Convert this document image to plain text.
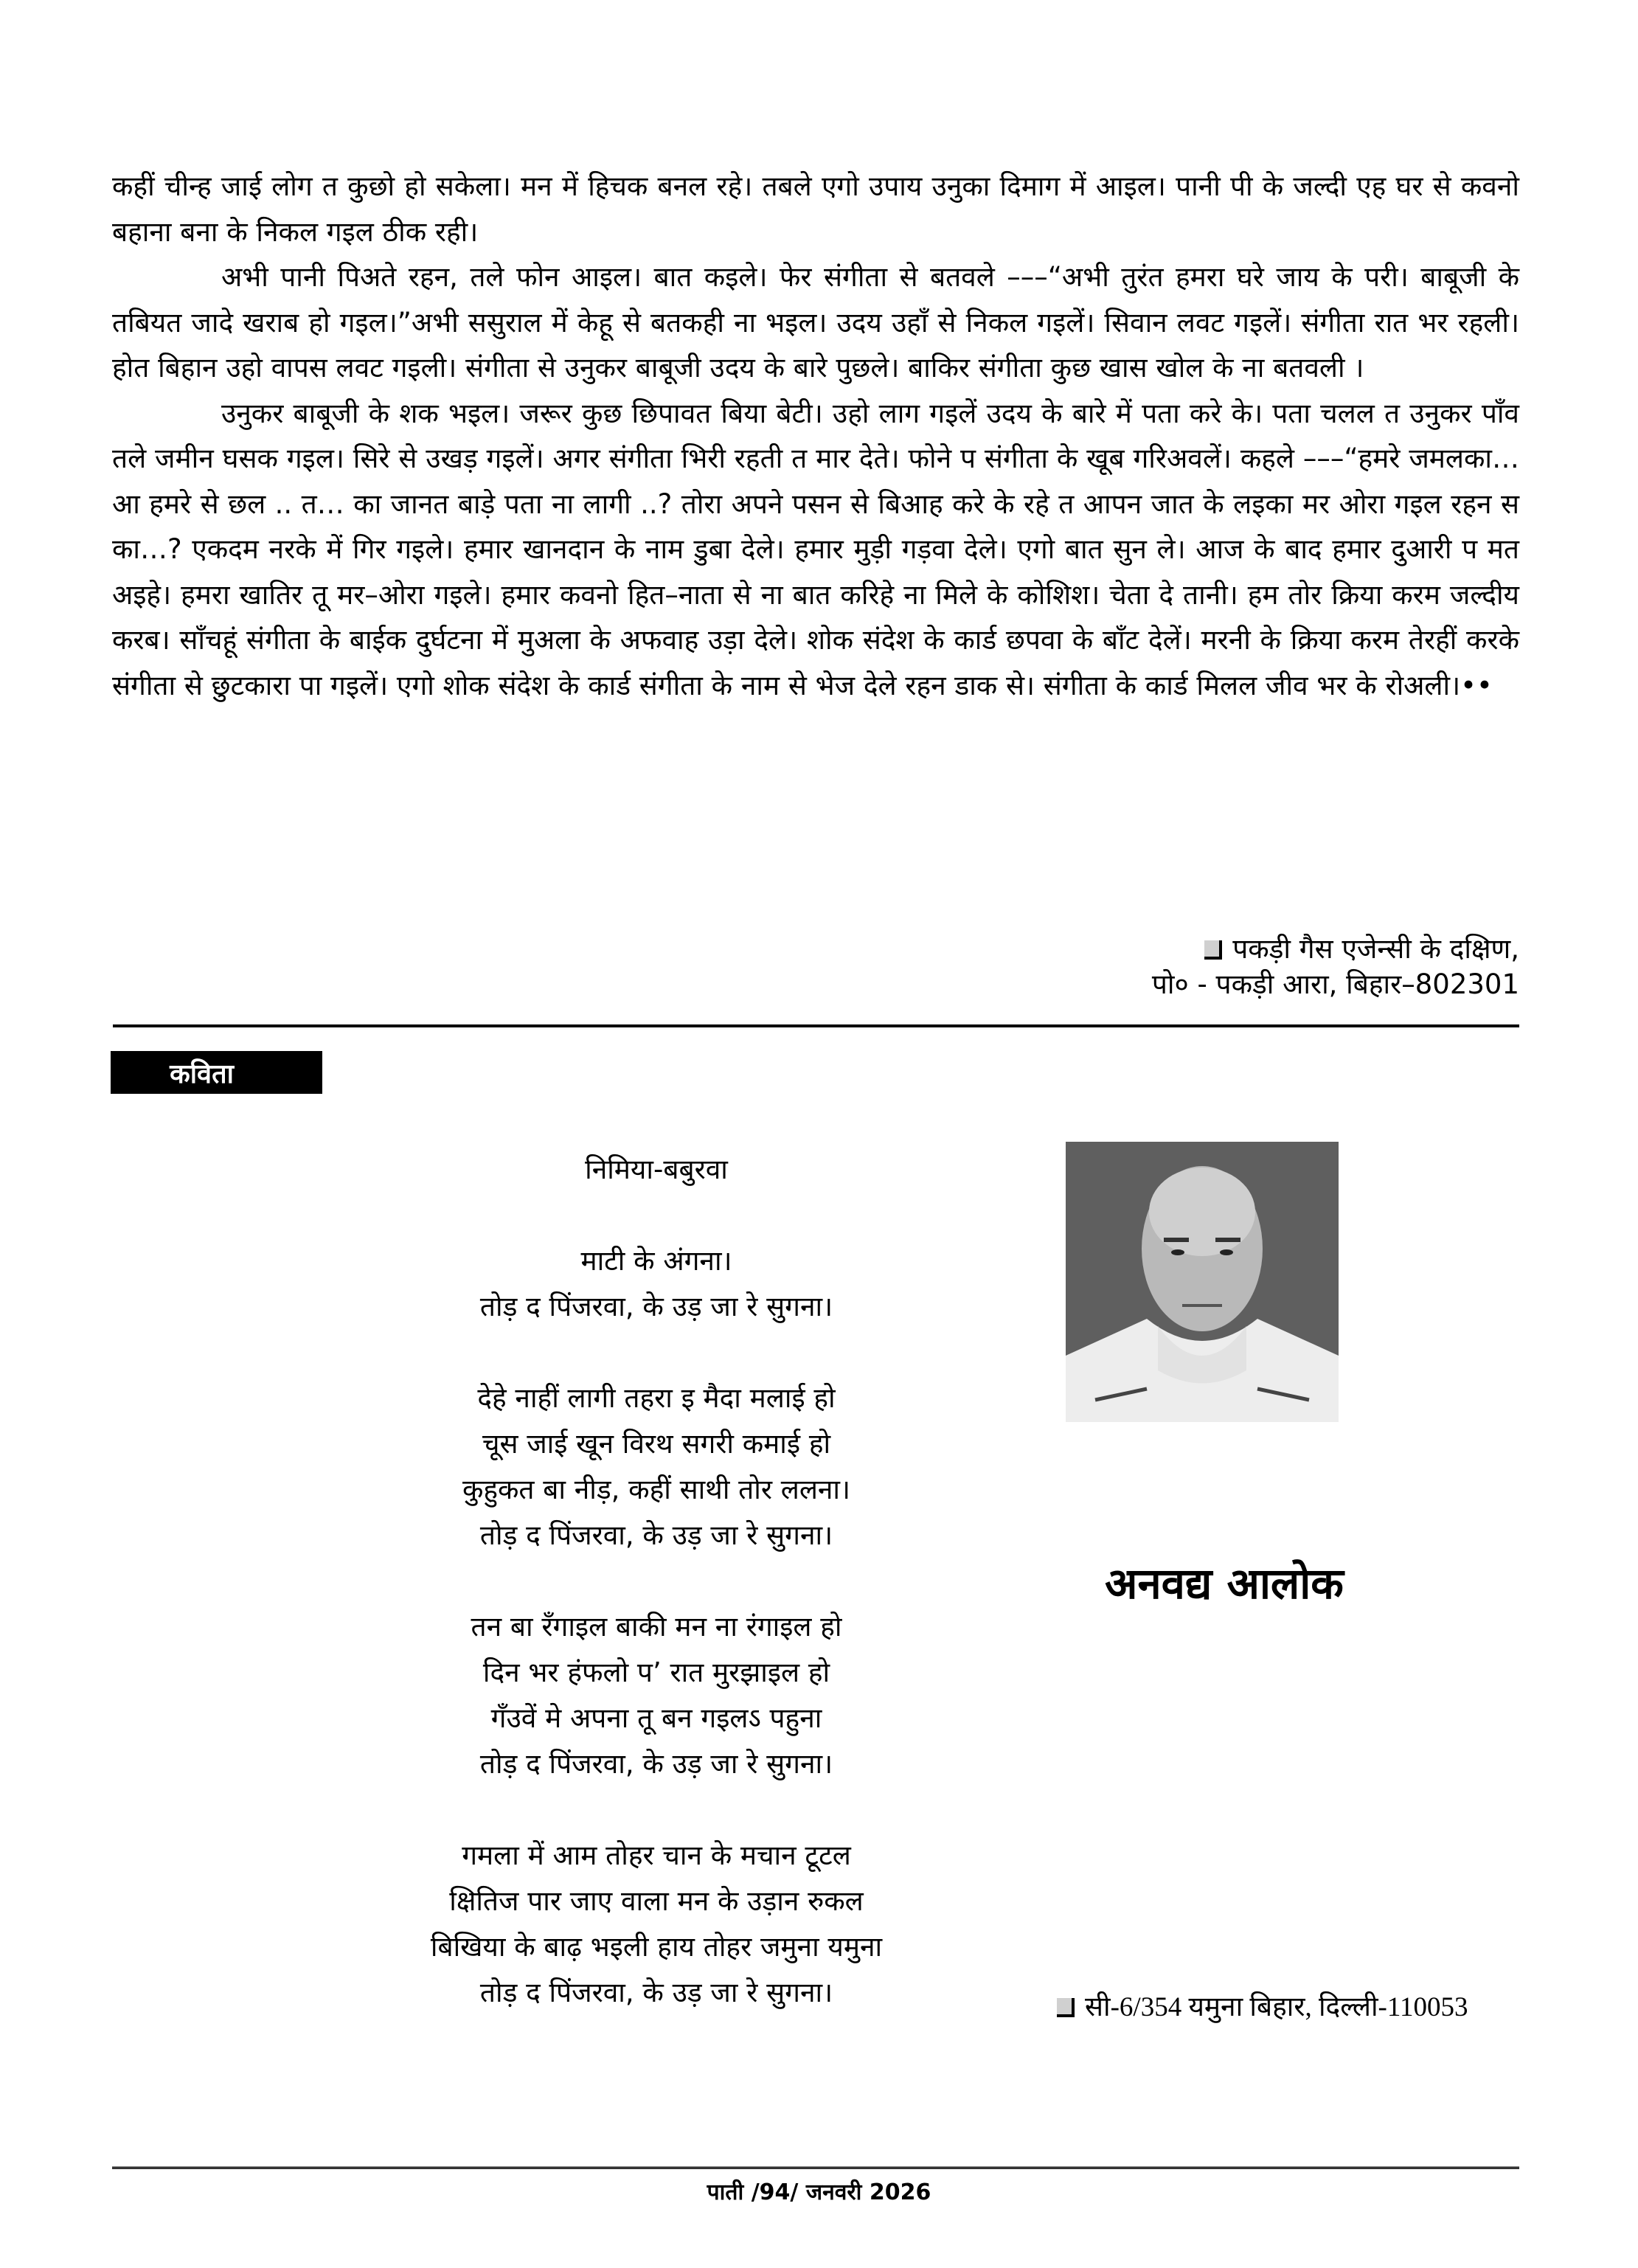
कहीं चीन्ह जाई लोग त कुछो हो सकेला। मन में हिचक बनल रहे। तबले एगो उपाय उनुका दिमाग में आइल। पानी पी के जल्दी एह घर से कवनो बहाना बना के निकल गइल ठीक रही।

अभी पानी पिअते रहन, तले फोन आइल। बात कइले। फेर संगीता से बतवले –––“अभी तुरंत हमरा घरे जाय के परी। बाबूजी के तबियत जादे खराब हो गइल।”अभी ससुराल में केहू से बतकही ना भइल। उदय उहाँ से निकल गइलें। सिवान लवट गइलें। संगीता रात भर रहली। होत बिहान उहो वापस लवट गइली। संगीता से उनुकर बाबूजी उदय के बारे पुछले। बाकिर संगीता कुछ खास खोल के ना बतवली ।

उनुकर बाबूजी के शक भइल। जरूर कुछ छिपावत बिया बेटी। उहो लाग गइलें उदय के बारे में पता करे के। पता चलल त उनुकर पाँव तले जमीन घसक गइल। सिरे से उखड़ गइलें। अगर संगीता भिरी रहती त मार देते। फोने प संगीता के खूब गरिअवलें। कहले –––“हमरे जमलका…आ हमरे से छल .. त… का जानत बाड़े पता ना लागी ..? तोरा अपने पसन से बिआह करे के रहे त आपन जात के लइका मर ओरा गइल रहन स का…? एकदम नरके में गिर गइले। हमार खानदान के नाम डुबा देले। हमार मुड़ी गड़वा देले। एगो बात सुन ले। आज के बाद हमार दुआरी प मत अइहे। हमरा खातिर तू मर–ओरा गइले। हमार कवनो हित–नाता से ना बात करिहे ना मिले के कोशिश। चेता दे तानी। हम तोर क्रिया करम जल्दीय करब। साँचहूं संगीता के बाईक दुर्घटना में मुअला के अफवाह उड़ा देले। शोक संदेश के कार्ड छपवा के बाँट देलें। मरनी के क्रिया करम तेरहीं करके संगीता से छुटकारा पा गइलें। एगो शोक संदेश के कार्ड संगीता के नाम से भेज देले रहन डाक से। संगीता के कार्ड मिलल जीव भर के रोअली।••

पकड़ी गैस एजेन्सी के दक्षिण,
पो० - पकड़ी आरा, बिहार–802301
कविता
निमिया-बबुरवा
माटी के अंगना।
तोड़ द पिंजरवा, के उड़ जा रे सुगना।
देहे नाहीं लागी तहरा इ मैदा मलाई हो
चूस जाई खून विरथ सगरी कमाई हो
कुहुकत बा नीड़, कहीं साथी तोर ललना।
तोड़ द पिंजरवा, के उड़ जा रे सुगना।
तन बा रँगाइल बाकी मन ना रंगाइल हो
दिन भर हंफलो प’ रात मुरझाइल हो
गँउवें मे अपना तू बन गइलऽ पहुना
तोड़ द पिंजरवा, के उड़ जा रे सुगना।
गमला में आम तोहर चान के मचान टूटल
क्षितिज पार जाए वाला मन के उड़ान रुकल
बिखिया के बाढ़ भइली हाय तोहर जमुना यमुना
तोड़ द पिंजरवा, के उड़ जा रे सुगना।
अनवद्य आलोक
सी-6/354 यमुना बिहार, दिल्ली-110053
पाती /94/ जनवरी 2026
